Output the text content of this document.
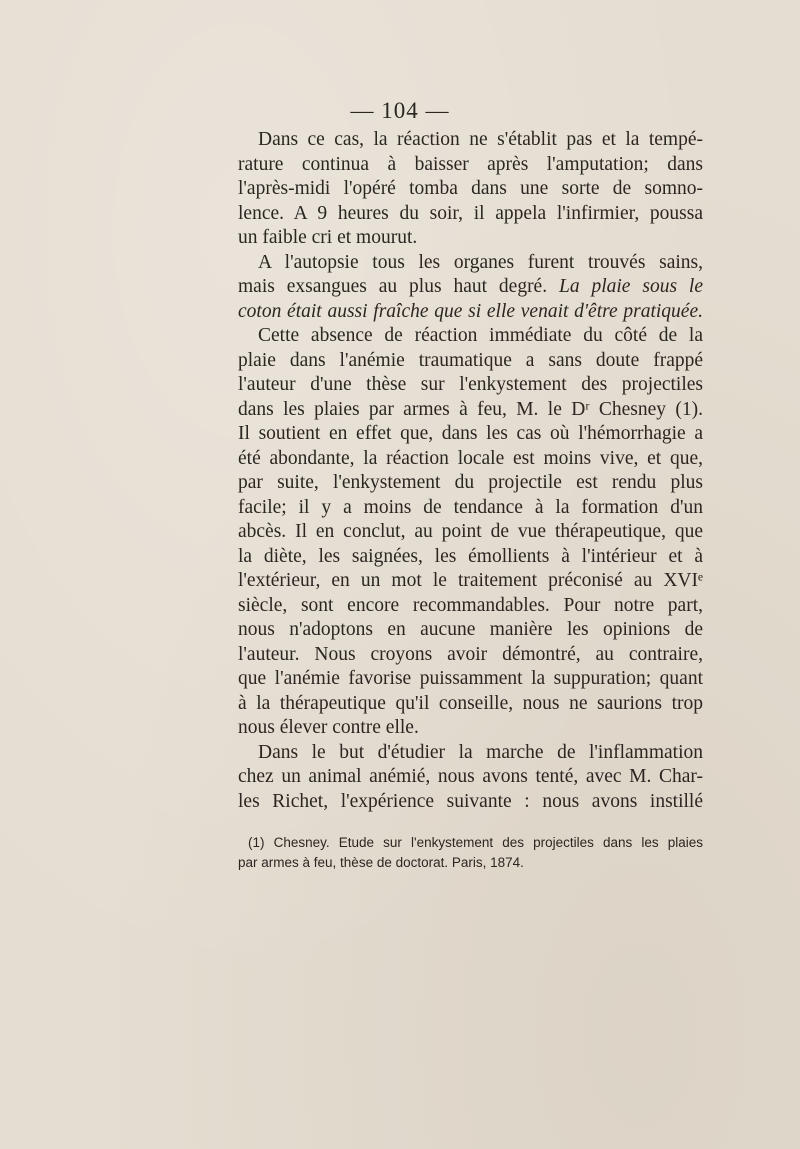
— 104 —
Dans ce cas, la réaction ne s'établit pas et la tempé-
rature continua à baisser après l'amputation; dans
l'après-midi l'opéré tomba dans une sorte de somno-
lence. A 9 heures du soir, il appela l'infirmier, poussa
un faible cri et mourut.
A l'autopsie tous les organes furent trouvés sains,
mais exsangues au plus haut degré. La plaie sous le
coton était aussi fraîche que si elle venait d'être pratiquée.
Cette absence de réaction immédiate du côté de la
plaie dans l'anémie traumatique a sans doute frappé
l'auteur d'une thèse sur l'enkystement des projectiles
dans les plaies par armes à feu, M. le Dʳ Chesney (1).
Il soutient en effet que, dans les cas où l'hémorrhagie a
été abondante, la réaction locale est moins vive, et que,
par suite, l'enkystement du projectile est rendu plus
facile; il y a moins de tendance à la formation d'un
abcès. Il en conclut, au point de vue thérapeutique, que
la diète, les saignées, les émollients à l'intérieur et à
l'extérieur, en un mot le traitement préconisé au XVIᵉ
siècle, sont encore recommandables. Pour notre part,
nous n'adoptons en aucune manière les opinions de
l'auteur. Nous croyons avoir démontré, au contraire,
que l'anémie favorise puissamment la suppuration; quant
à la thérapeutique qu'il conseille, nous ne saurions trop
nous élever contre elle.
Dans le but d'étudier la marche de l'inflammation
chez un animal anémié, nous avons tenté, avec M. Char-
les Richet, l'expérience suivante : nous avons instillé
(1) Chesney. Etude sur l'enkystement des projectiles dans les plaies
par armes à feu, thèse de doctorat. Paris, 1874.
